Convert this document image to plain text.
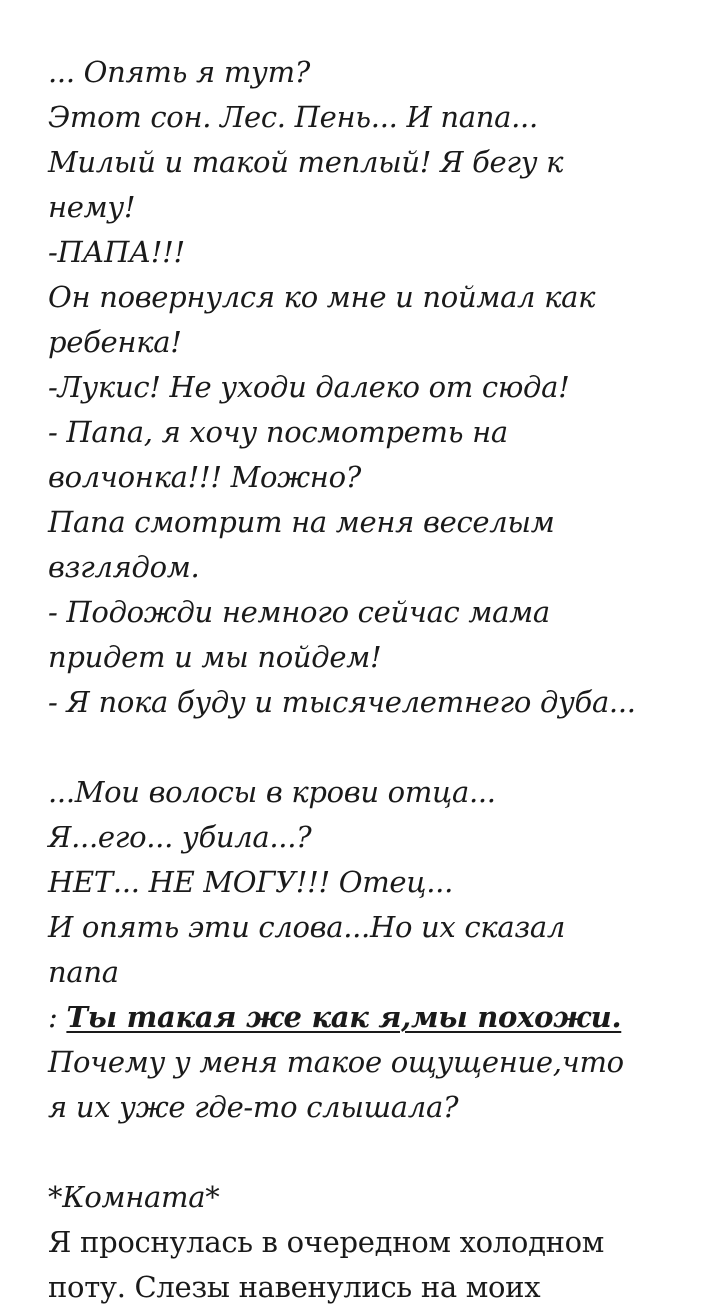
... Опять я тут?
Этот сон. Лес. Пень... И папа...
Милый и такой теплый! Я бегу к
нему!
-ПАПА!!!
Он повернулся ко мне и поймал как
ребенка!
-Лукис! Не уходи далеко от сюда!
- Папа, я хочу посмотреть на
волчонка!!! Можно?
Папа смотрит на меня веселым
взглядом.
- Подожди немного сейчас мама
придет и мы пойдем!
- Я пока буду и тысячелетнего дуба...
...Мои волосы в крови отца...
Я...его... убила...?
НЕТ... НЕ МОГУ!!! Отец...
И опять эти слова...Но их сказал
папа
: Ты такая же как я,мы похожи.
Почему у меня такое ощущение,что
я их уже где-то слышала?
*Комната*
Я проснулась в очередном холодном
поту. Слезы навенулись на моих
